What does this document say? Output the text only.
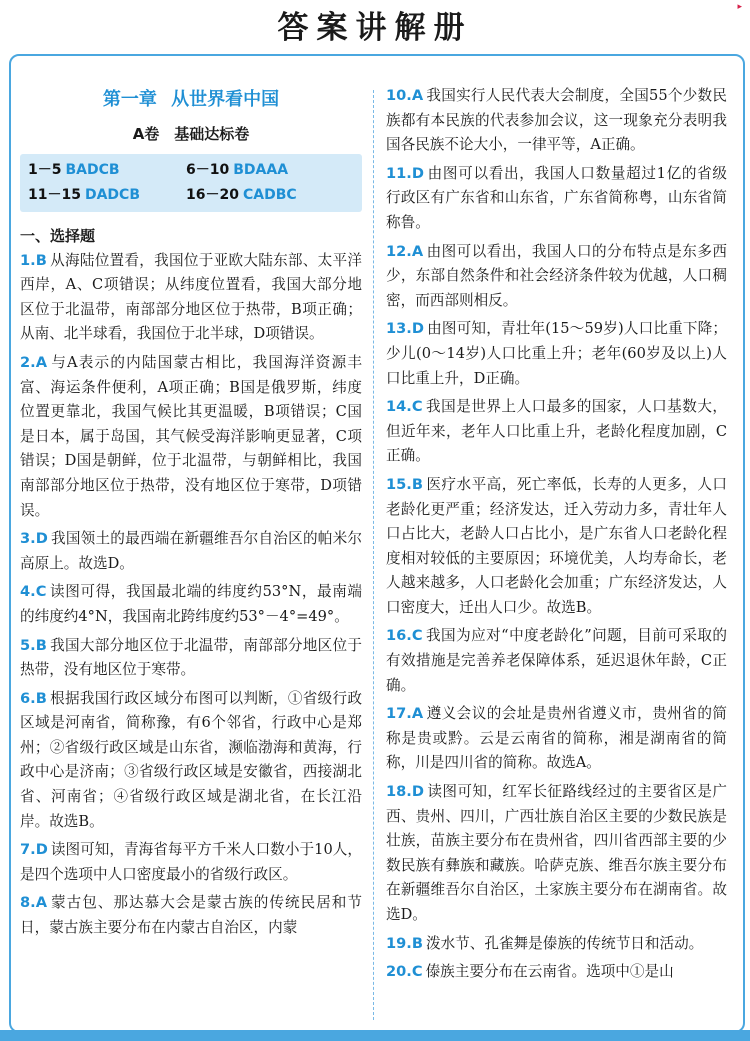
答案讲解册
▸
第一章 从世界看中国
A卷　基础达标卷
1－5 BADCB	6－10 BDAAA
11－15 DADCB	16－20 CADBC
一、选择题
1.B 从海陆位置看，我国位于亚欧大陆东部、太平洋西岸，A、C项错误；从纬度位置看，我国大部分地区位于北温带，南部部分地区位于热带，B项正确；从南、北半球看，我国位于北半球，D项错误。
2.A 与A表示的内陆国蒙古相比，我国海洋资源丰富、海运条件便利，A项正确；B国是俄罗斯，纬度位置更靠北，我国气候比其更温暖，B项错误；C国是日本，属于岛国，其气候受海洋影响更显著，C项错误；D国是朝鲜，位于北温带，与朝鲜相比，我国南部部分地区位于热带，没有地区位于寒带，D项错误。
3.D 我国领土的最西端在新疆维吾尔自治区的帕米尔高原上。故选D。
4.C 读图可得，我国最北端的纬度约53°N，最南端的纬度约4°N，我国南北跨纬度约53°－4°=49°。
5.B 我国大部分地区位于北温带，南部部分地区位于热带，没有地区位于寒带。
6.B 根据我国行政区域分布图可以判断，①省级行政区域是河南省，简称豫，有6个邻省，行政中心是郑州；②省级行政区域是山东省，濒临渤海和黄海，行政中心是济南；③省级行政区域是安徽省，西接湖北省、河南省；④省级行政区域是湖北省，在长江沿岸。故选B。
7.D 读图可知，青海省每平方千米人口数小于10人，是四个选项中人口密度最小的省级行政区。
8.A 蒙古包、那达慕大会是蒙古族的传统民居和节日，蒙古族主要分布在内蒙古自治区，内蒙
10.A 我国实行人民代表大会制度，全国55个少数民族都有本民族的代表参加会议，这一现象充分表明我国各民族不论大小，一律平等，A正确。
11.D 由图可以看出，我国人口数量超过1亿的省级行政区有广东省和山东省，广东省简称粤，山东省简称鲁。
12.A 由图可以看出，我国人口的分布特点是东多西少，东部自然条件和社会经济条件较为优越，人口稠密，而西部则相反。
13.D 由图可知，青壮年(15～59岁)人口比重下降；少儿(0～14岁)人口比重上升；老年(60岁及以上)人口比重上升，D正确。
14.C 我国是世界上人口最多的国家，人口基数大，但近年来，老年人口比重上升，老龄化程度加剧，C正确。
15.B 医疗水平高，死亡率低，长寿的人更多，人口老龄化更严重；经济发达，迁入劳动力多，青壮年人口占比大，老龄人口占比小，是广东省人口老龄化程度相对较低的主要原因；环境优美，人均寿命长，老人越来越多，人口老龄化会加重；广东经济发达，人口密度大，迁出人口少。故选B。
16.C 我国为应对“中度老龄化”问题，目前可采取的有效措施是完善养老保障体系，延迟退休年龄，C正确。
17.A 遵义会议的会址是贵州省遵义市，贵州省的简称是贵或黔。云是云南省的简称，湘是湖南省的简称，川是四川省的简称。故选A。
18.D 读图可知，红军长征路线经过的主要省区是广西、贵州、四川，广西壮族自治区主要的少数民族是壮族，苗族主要分布在贵州省，四川省西部主要的少数民族有彝族和藏族。哈萨克族、维吾尔族主要分布在新疆维吾尔自治区，土家族主要分布在湖南省。故选D。
19.B 泼水节、孔雀舞是傣族的传统节日和活动。
20.C 傣族主要分布在云南省。选项中①是山
